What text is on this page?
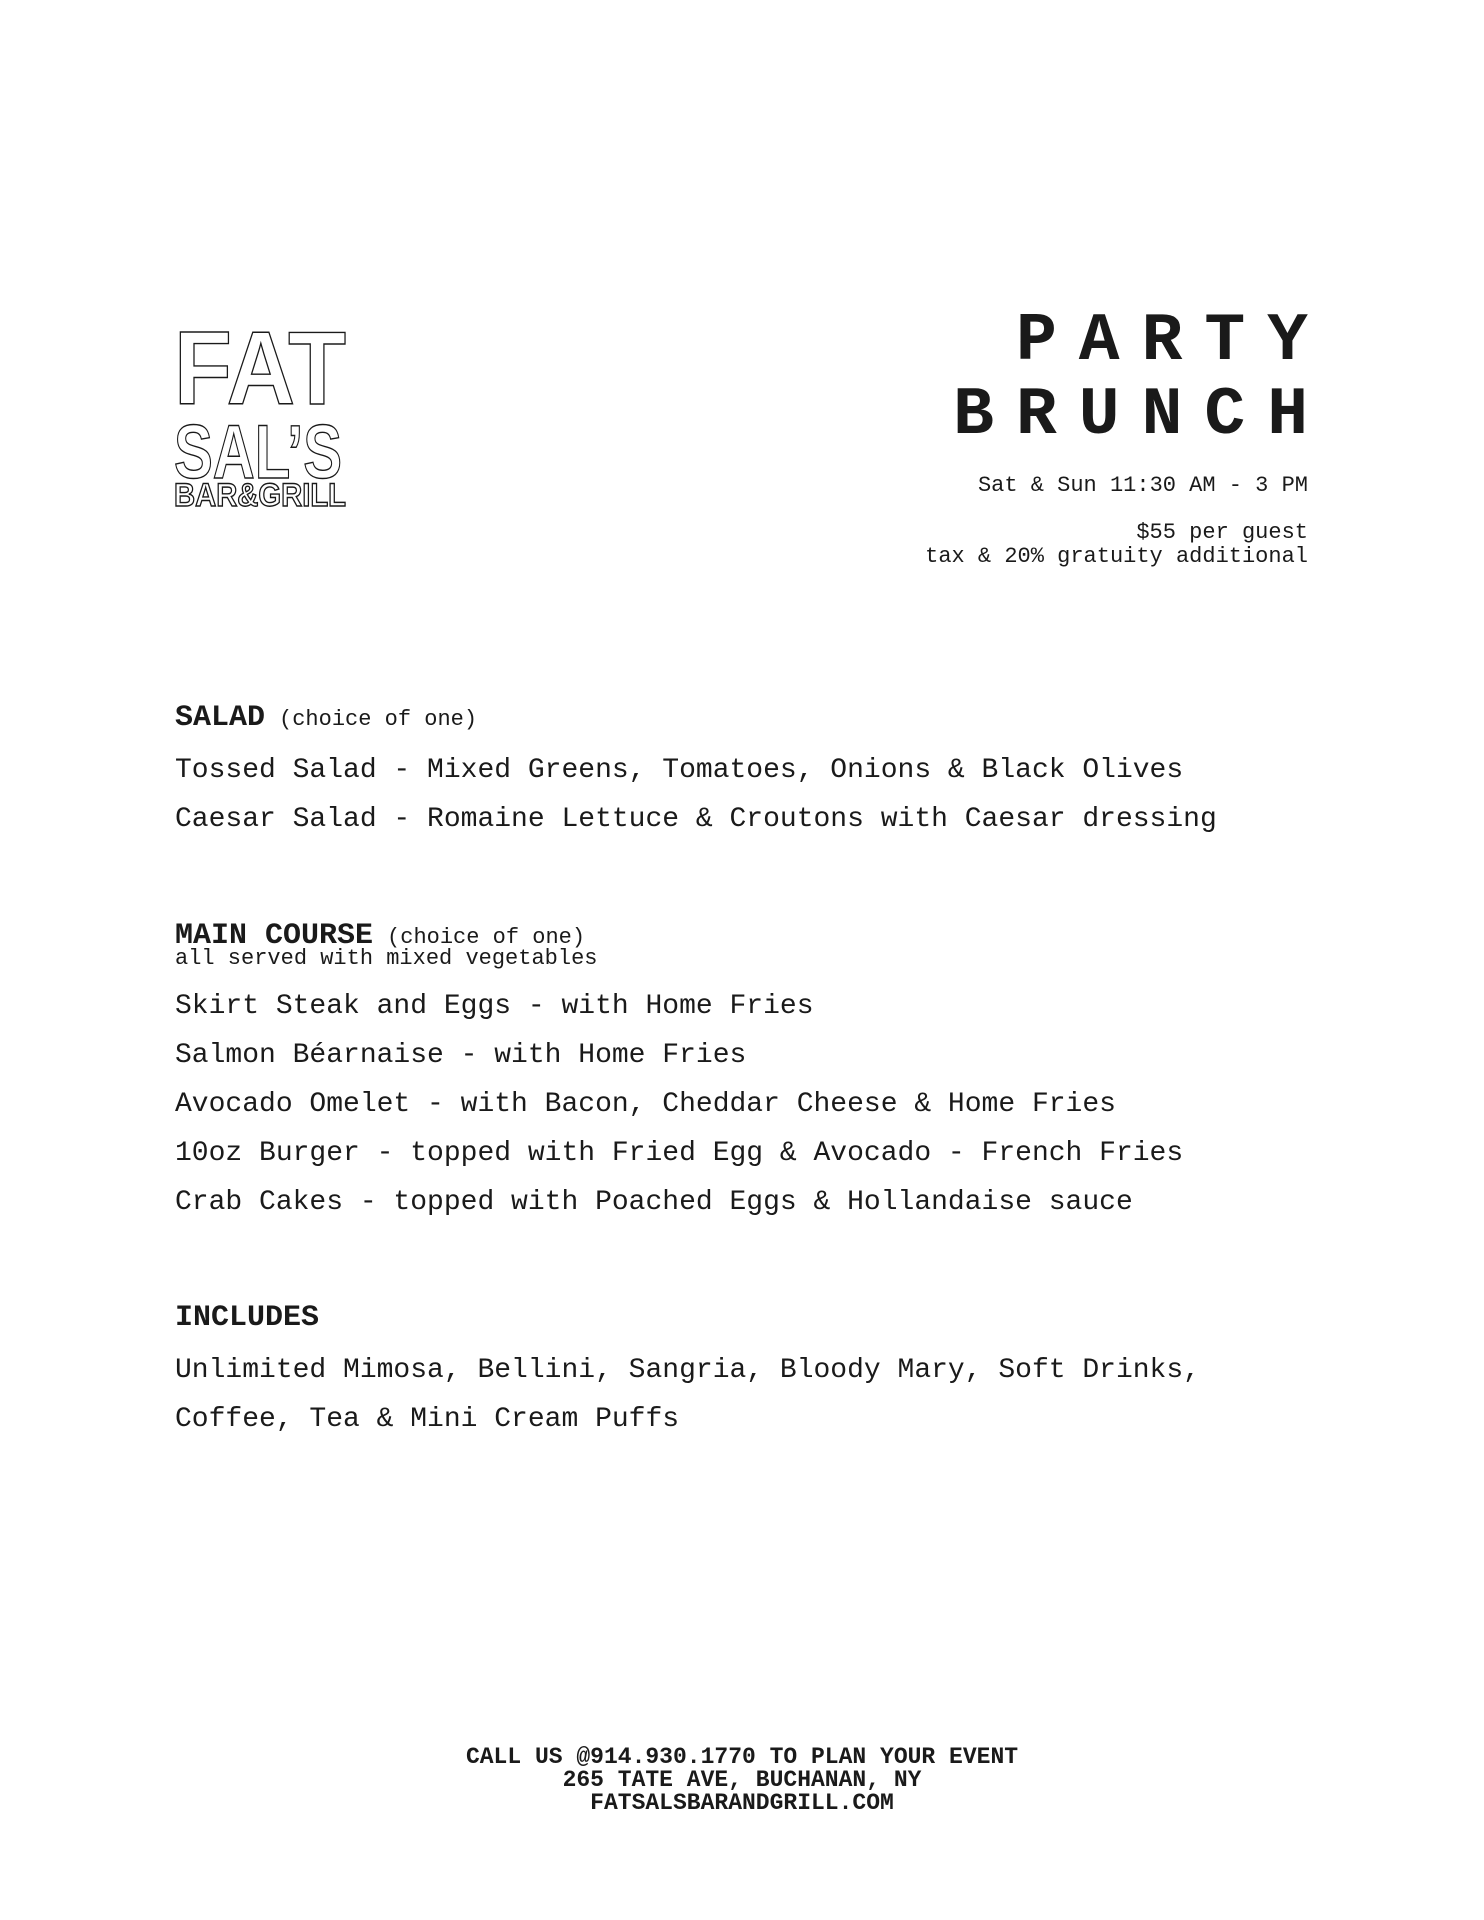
FAT
SAL’S
BAR&GRILL
PARTY
BRUNCH
Sat & Sun 11:30 AM - 3 PM
$55 per guest
tax & 20% gratuity additional
SALAD (choice of one)
Tossed Salad - Mixed Greens, Tomatoes, Onions & Black Olives
Caesar Salad - Romaine Lettuce & Croutons with Caesar dressing
MAIN COURSE (choice of one)
all served with mixed vegetables
Skirt Steak and Eggs - with Home Fries
Salmon Béarnaise - with Home Fries
Avocado Omelet - with Bacon, Cheddar Cheese & Home Fries
10oz Burger - topped with Fried Egg & Avocado - French Fries
Crab Cakes - topped with Poached Eggs & Hollandaise sauce
INCLUDES
Unlimited Mimosa, Bellini, Sangria, Bloody Mary, Soft Drinks,
Coffee, Tea & Mini Cream Puffs
CALL US @914.930.1770 TO PLAN YOUR EVENT
265 TATE AVE, BUCHANAN, NY
FATSALSBARANDGRILL.COM
